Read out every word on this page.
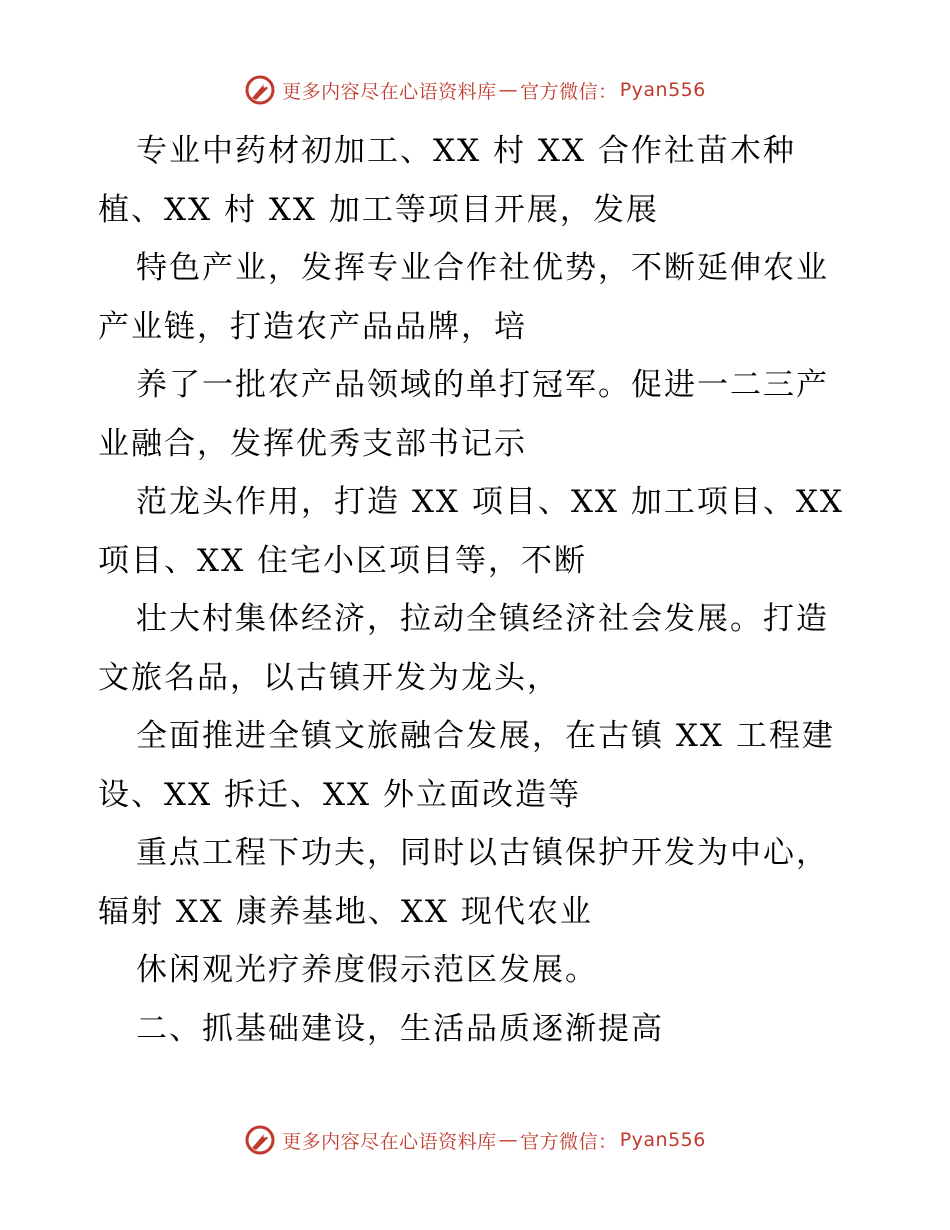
更多内容尽在心语资料库 — 官方微信： Pyan556
专业中药材初加工、XX 村 XX 合作社苗木种
植、XX 村 XX 加工等项目开展，发展
特色产业，发挥专业合作社优势，不断延伸农业
产业链，打造农产品品牌，培
养了一批农产品领域的单打冠军。促进一二三产
业融合，发挥优秀支部书记示
范龙头作用，打造 XX 项目、XX 加工项目、XX
项目、XX 住宅小区项目等，不断
壮大村集体经济，拉动全镇经济社会发展。打造
文旅名品，以古镇开发为龙头，
全面推进全镇文旅融合发展，在古镇 XX 工程建
设、XX 拆迁、XX 外立面改造等
重点工程下功夫，同时以古镇保护开发为中心，
辐射 XX 康养基地、XX 现代农业
休闲观光疗养度假示范区发展。
二、抓基础建设，生活品质逐渐提高
更多内容尽在心语资料库 — 官方微信： Pyan556
